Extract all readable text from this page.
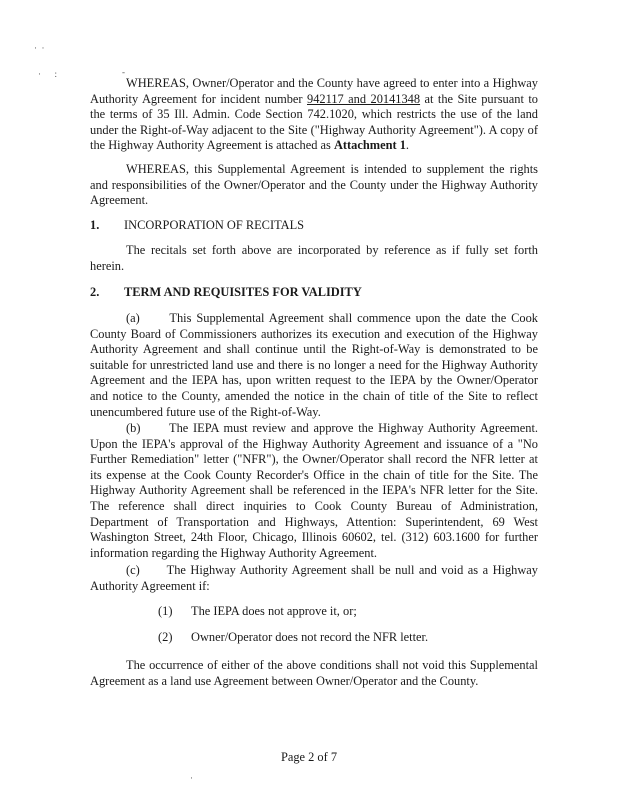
·  ·
·      :	-

WHEREAS, Owner/Operator and the County have agreed to enter into a Highway Authority Agreement for incident number 942117 and 20141348 at the Site pursuant to the terms of 35 Ill. Admin. Code Section 742.1020, which restricts the use of the land under the Right-of-Way adjacent to the Site ("Highway Authority Agreement"). A copy of the Highway Authority Agreement is attached as Attachment 1.

WHEREAS, this Supplemental Agreement is intended to supplement the rights and responsibilities of the Owner/Operator and the County under the Highway Authority Agreement.

1. INCORPORATION OF RECITALS

The recitals set forth above are incorporated by reference as if fully set forth herein.

2. TERM AND REQUISITES FOR VALIDITY

(a)      This Supplemental Agreement shall commence upon the date the Cook County Board of Commissioners authorizes its execution and execution of the Highway Authority Agreement and shall continue until the Right-of-Way is demonstrated to be suitable for unrestricted land use and there is no longer a need for the Highway Authority Agreement and the IEPA has, upon written request to the IEPA by the Owner/Operator and notice to the County, amended the notice in the chain of title of the Site to reflect unencumbered future use of the Right-of-Way.

(b)      The IEPA must review and approve the Highway Authority Agreement. Upon the IEPA's approval of the Highway Authority Agreement and issuance of a "No Further Remediation" letter ("NFR"), the Owner/Operator shall record the NFR letter at its expense at the Cook County Recorder's Office in the chain of title for the Site. The Highway Authority Agreement shall be referenced in the IEPA's NFR letter for the Site. The reference shall direct inquiries to Cook County Bureau of Administration, Department of Transportation and Highways, Attention: Superintendent, 69 West Washington Street, 24th Floor, Chicago, Illinois 60602, tel. (312) 603.1600 for further information regarding the Highway Authority Agreement.

(c)      The Highway Authority Agreement shall be null and void as a Highway Authority Agreement if:

(1) The IEPA does not approve it, or;

(2) Owner/Operator does not record the NFR letter.

The occurrence of either of the above conditions shall not void this Supplemental Agreement as a land use Agreement between Owner/Operator and the County.

Page 2 of 7

·
